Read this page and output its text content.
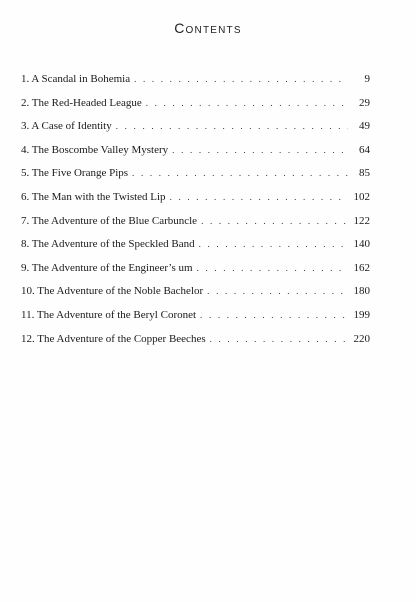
Contents
1. A Scandal in Bohemia . . .	9
2. The Red-Headed League . . .	29
3. A Case of Identity . . .	49
4. The Boscombe Valley Mystery . . .	64
5. The Five Orange Pips . . .	85
6. The Man with the Twisted Lip . . .	102
7. The Adventure of the Blue Carbuncle . . .	122
8. The Adventure of the Speckled Band . . .	140
9. The Adventure of the Engineer’s um . . .	162
10. The Adventure of the Noble Bachelor . . .	180
11. The Adventure of the Beryl Coronet . . .	199
12. The Adventure of the Copper Beeches . . .	220
